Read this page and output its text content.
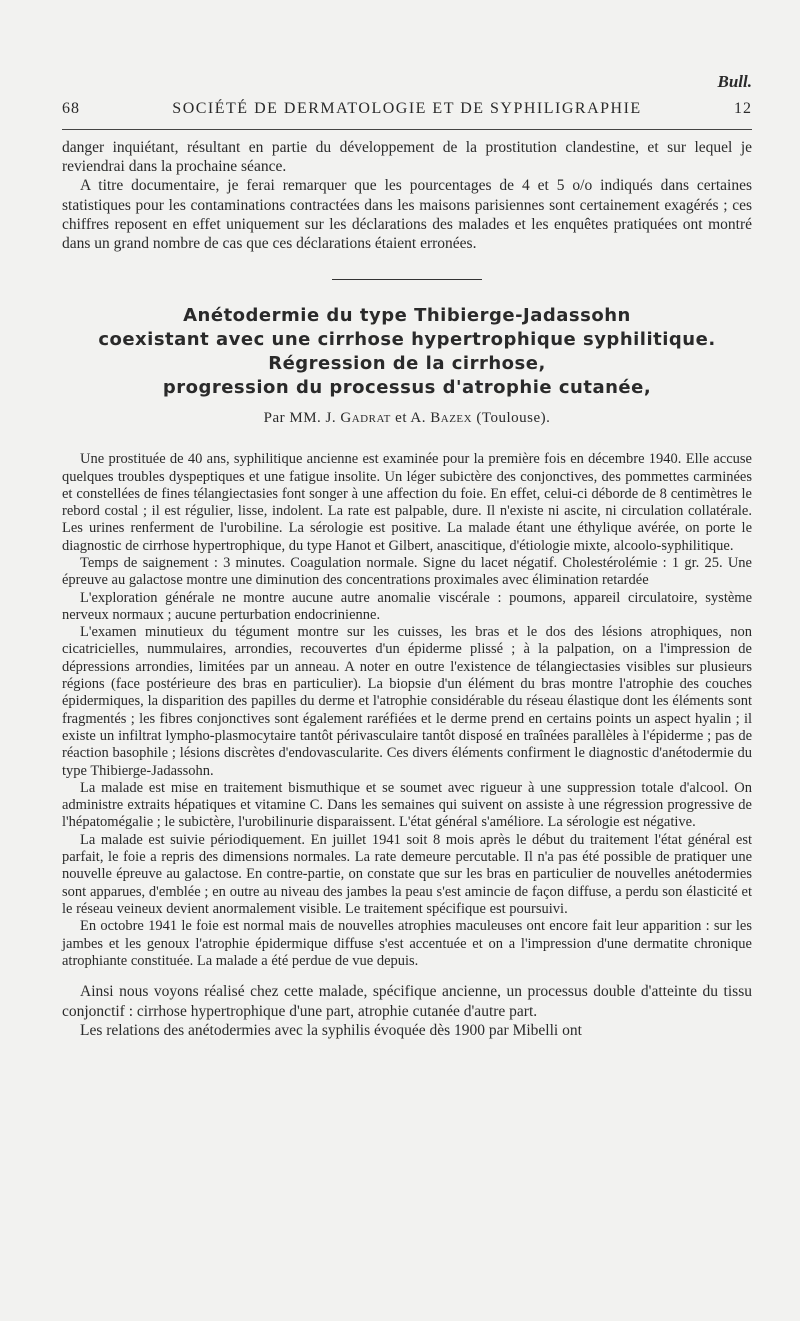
Bull.
68	SOCIÉTÉ DE DERMATOLOGIE ET DE SYPHILIGRAPHIE	12

danger inquiétant, résultant en partie du développement de la prostitution clandestine, et sur lequel je reviendrai dans la prochaine séance.

A titre documentaire, je ferai remarquer que les pourcentages de 4 et 5 o/o indiqués dans certaines statistiques pour les contaminations contractées dans les maisons parisiennes sont certainement exagérés ; ces chiffres reposent en effet uniquement sur les déclarations des malades et les enquêtes pratiquées ont montré dans un grand nombre de cas que ces déclarations étaient erronées.

Anétodermie du type Thibierge-Jadassohn
coexistant avec une cirrhose hypertrophique syphilitique.
Régression de la cirrhose,
progression du processus d'atrophie cutanée,
Par MM. J. Gadrat et A. Bazex (Toulouse).

Une prostituée de 40 ans, syphilitique ancienne est examinée pour la première fois en décembre 1940. Elle accuse quelques troubles dyspeptiques et une fatigue insolite. Un léger subictère des conjonctives, des pommettes carminées et constellées de fines télangiectasies font songer à une affection du foie. En effet, celui-ci déborde de 8 centimètres le rebord costal ; il est régulier, lisse, indolent. La rate est palpable, dure. Il n'existe ni ascite, ni circulation collatérale. Les urines renferment de l'urobiline. La sérologie est positive. La malade étant une éthylique avérée, on porte le diagnostic de cirrhose hypertrophique, du type Hanot et Gilbert, anascitique, d'étiologie mixte, alcoolo-syphilitique.

Temps de saignement : 3 minutes. Coagulation normale. Signe du lacet négatif. Cholestérolémie : 1 gr. 25. Une épreuve au galactose montre une diminution des concentrations proximales avec élimination retardée

L'exploration générale ne montre aucune autre anomalie viscérale : poumons, appareil circulatoire, système nerveux normaux ; aucune perturbation endocrinienne.

L'examen minutieux du tégument montre sur les cuisses, les bras et le dos des lésions atrophiques, non cicatricielles, nummulaires, arrondies, recouvertes d'un épiderme plissé ; à la palpation, on a l'impression de dépressions arrondies, limitées par un anneau. A noter en outre l'existence de télangiectasies visibles sur plusieurs régions (face postérieure des bras en particulier). La biopsie d'un élément du bras montre l'atrophie des couches épidermiques, la disparition des papilles du derme et l'atrophie considérable du réseau élastique dont les éléments sont fragmentés ; les fibres conjonctives sont également raréfiées et le derme prend en certains points un aspect hyalin ; il existe un infiltrat lympho-plasmocytaire tantôt périvasculaire tantôt disposé en traînées parallèles à l'épiderme ; pas de réaction basophile ; lésions discrètes d'endovascularite. Ces divers éléments confirment le diagnostic d'anétodermie du type Thibierge-Jadassohn.

La malade est mise en traitement bismuthique et se soumet avec rigueur à une suppression totale d'alcool. On administre extraits hépatiques et vitamine C. Dans les semaines qui suivent on assiste à une régression progressive de l'hépatomégalie ; le subictère, l'urobilinurie disparaissent. L'état général s'améliore. La sérologie est négative.

La malade est suivie périodiquement. En juillet 1941 soit 8 mois après le début du traitement l'état général est parfait, le foie a repris des dimensions normales. La rate demeure percutable. Il n'a pas été possible de pratiquer une nouvelle épreuve au galactose. En contre-partie, on constate que sur les bras en particulier de nouvelles anétodermies sont apparues, d'emblée ; en outre au niveau des jambes la peau s'est amincie de façon diffuse, a perdu son élasticité et le réseau veineux devient anormalement visible. Le traitement spécifique est poursuivi.

En octobre 1941 le foie est normal mais de nouvelles atrophies maculeuses ont encore fait leur apparition : sur les jambes et les genoux l'atrophie épidermique diffuse s'est accentuée et on a l'impression d'une dermatite chronique atrophiante constituée. La malade a été perdue de vue depuis.

Ainsi nous voyons réalisé chez cette malade, spécifique ancienne, un processus double d'atteinte du tissu conjonctif : cirrhose hypertrophique d'une part, atrophie cutanée d'autre part.

Les relations des anétodermies avec la syphilis évoquée dès 1900 par Mibelli ont
